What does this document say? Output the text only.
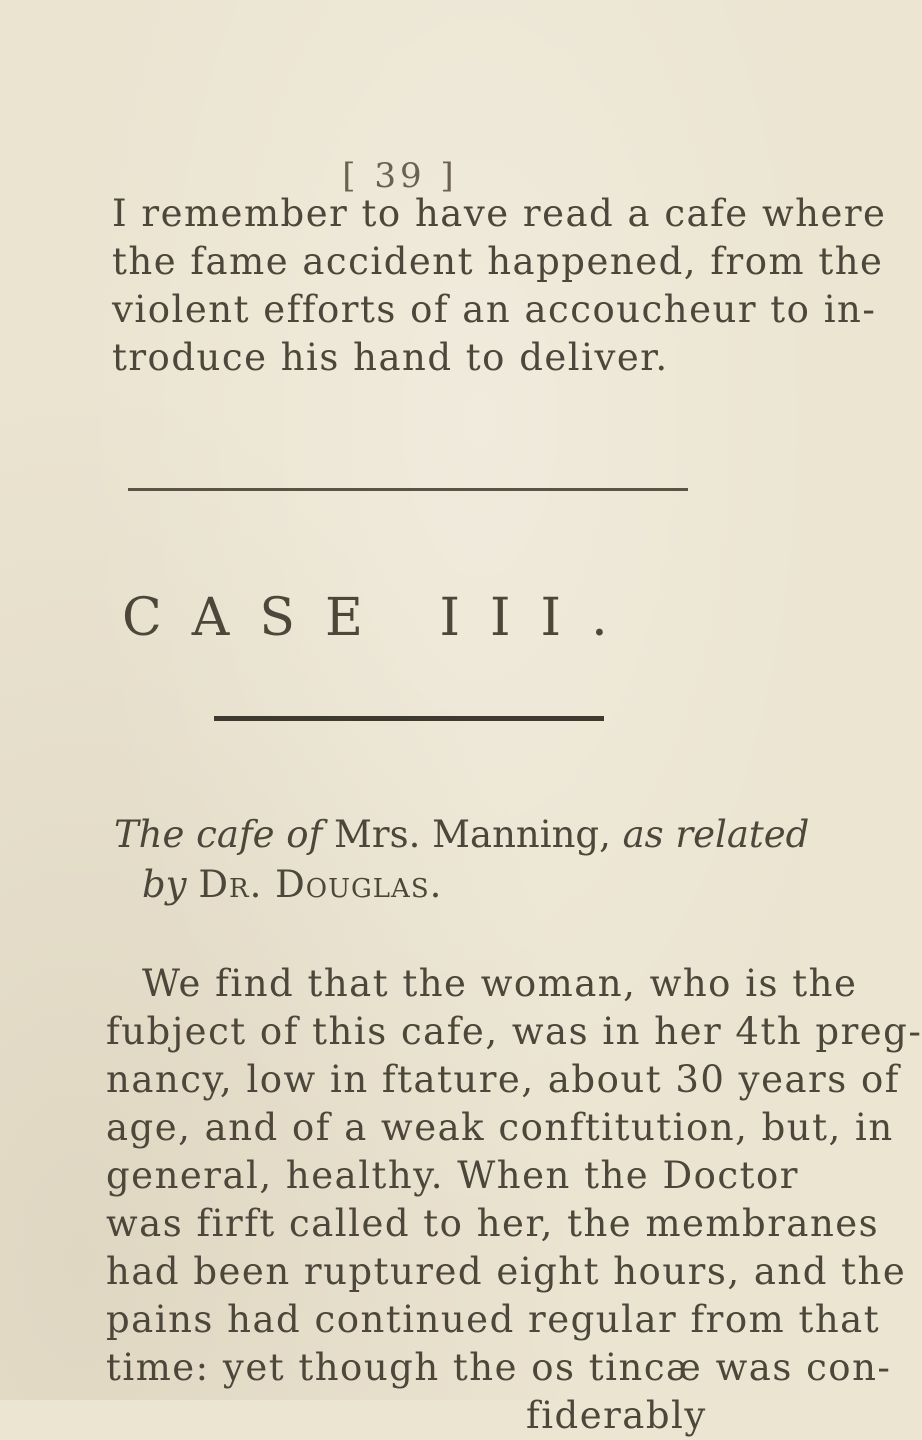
[ 39 ]
I remember to have read a cafe where
the fame accident happened, from the
violent efforts of an accoucheur to in-
troduce his hand to deliver.
CASE III.
The cafe of Mrs. Manning, as related
by Dr. Douglas.
We find that the woman, who is the
fubject of this cafe, was in her 4th preg-
nancy, low in ftature, about 30 years of
age, and of a weak conftitution, but, in
general, healthy. When the Doctor
was firft called to her, the membranes
had been ruptured eight hours, and the
pains had continued regular from that
time: yet though the os tincæ was con-
fiderably
